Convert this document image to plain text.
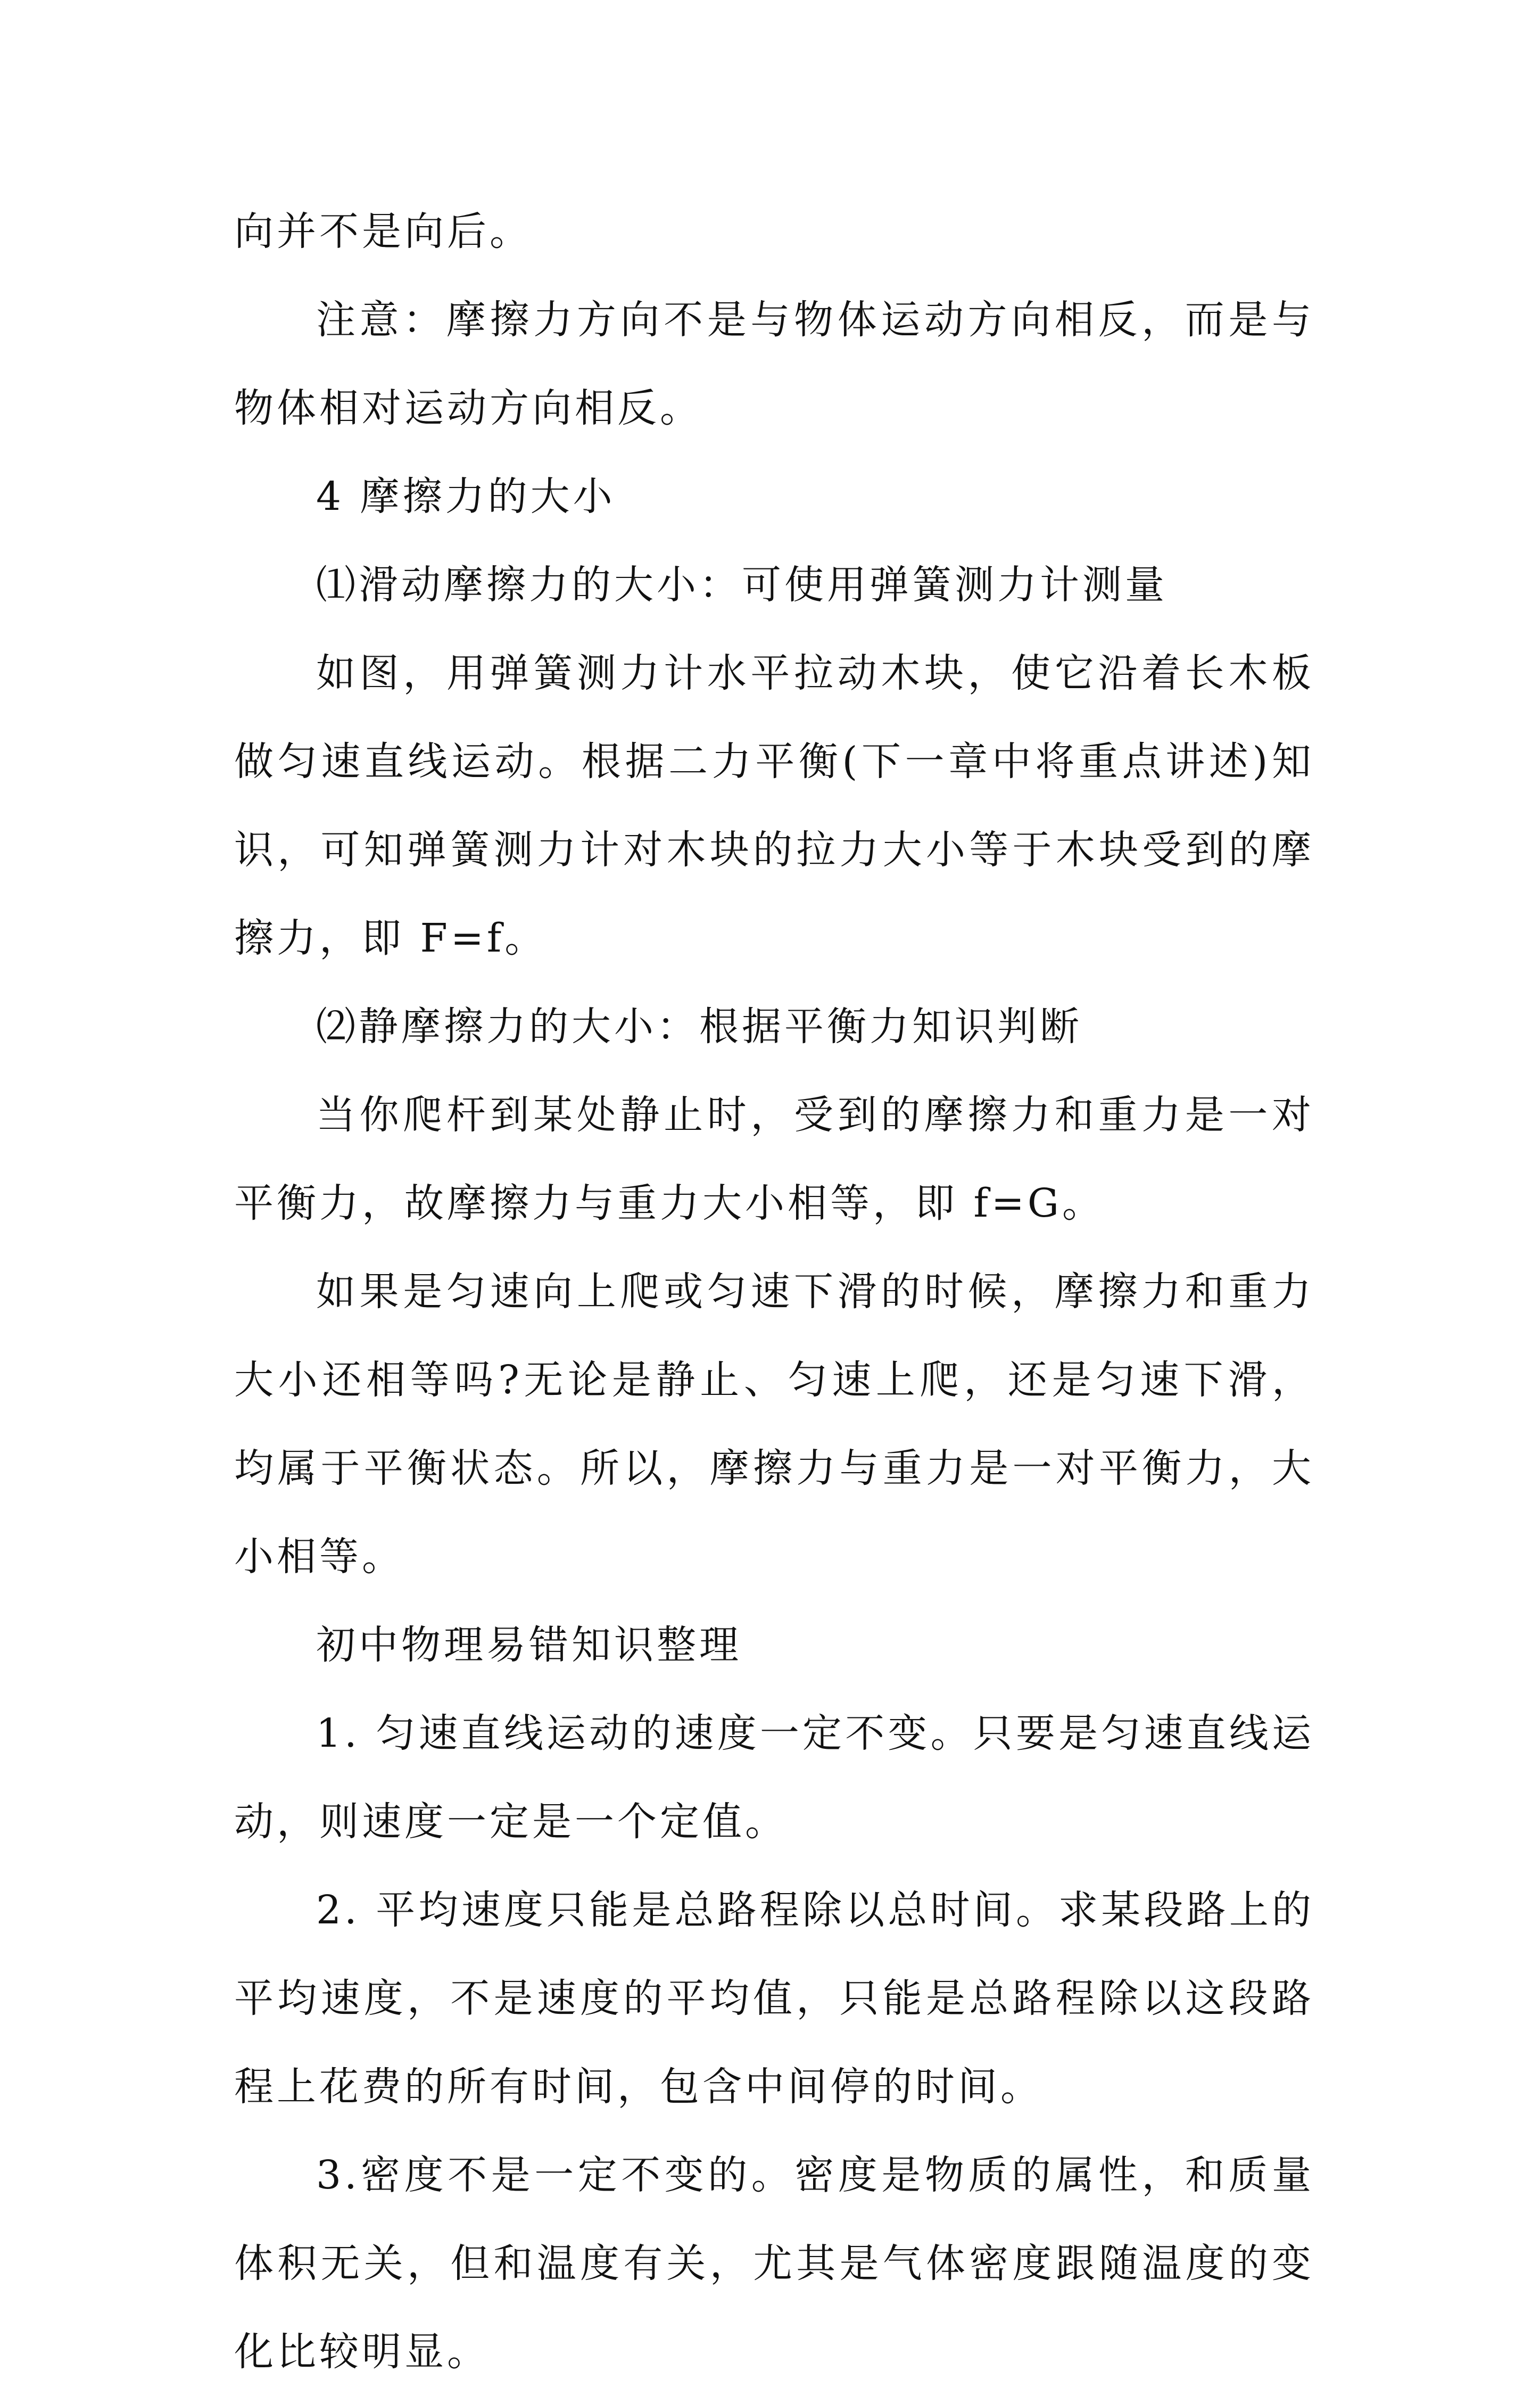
向并不是向后。

注意：摩擦力方向不是与物体运动方向相反，而是与物体相对运动方向相反。

4 摩擦力的大小

⑴滑动摩擦力的大小：可使用弹簧测力计测量

如图，用弹簧测力计水平拉动木块，使它沿着长木板做匀速直线运动。根据二力平衡(下一章中将重点讲述)知识，可知弹簧测力计对木块的拉力大小等于木块受到的摩擦力，即 F=f。

⑵静摩擦力的大小：根据平衡力知识判断

当你爬杆到某处静止时，受到的摩擦力和重力是一对平衡力，故摩擦力与重力大小相等，即 f=G。

如果是匀速向上爬或匀速下滑的时候，摩擦力和重力大小还相等吗?无论是静止、匀速上爬，还是匀速下滑，均属于平衡状态。所以，摩擦力与重力是一对平衡力，大小相等。

初中物理易错知识整理

1. 匀速直线运动的速度一定不变。只要是匀速直线运动，则速度一定是一个定值。

2. 平均速度只能是总路程除以总时间。求某段路上的平均速度，不是速度的平均值，只能是总路程除以这段路程上花费的所有时间，包含中间停的时间。

3.密度不是一定不变的。密度是物质的属性，和质量体积无关，但和温度有关，尤其是气体密度跟随温度的变化比较明显。
